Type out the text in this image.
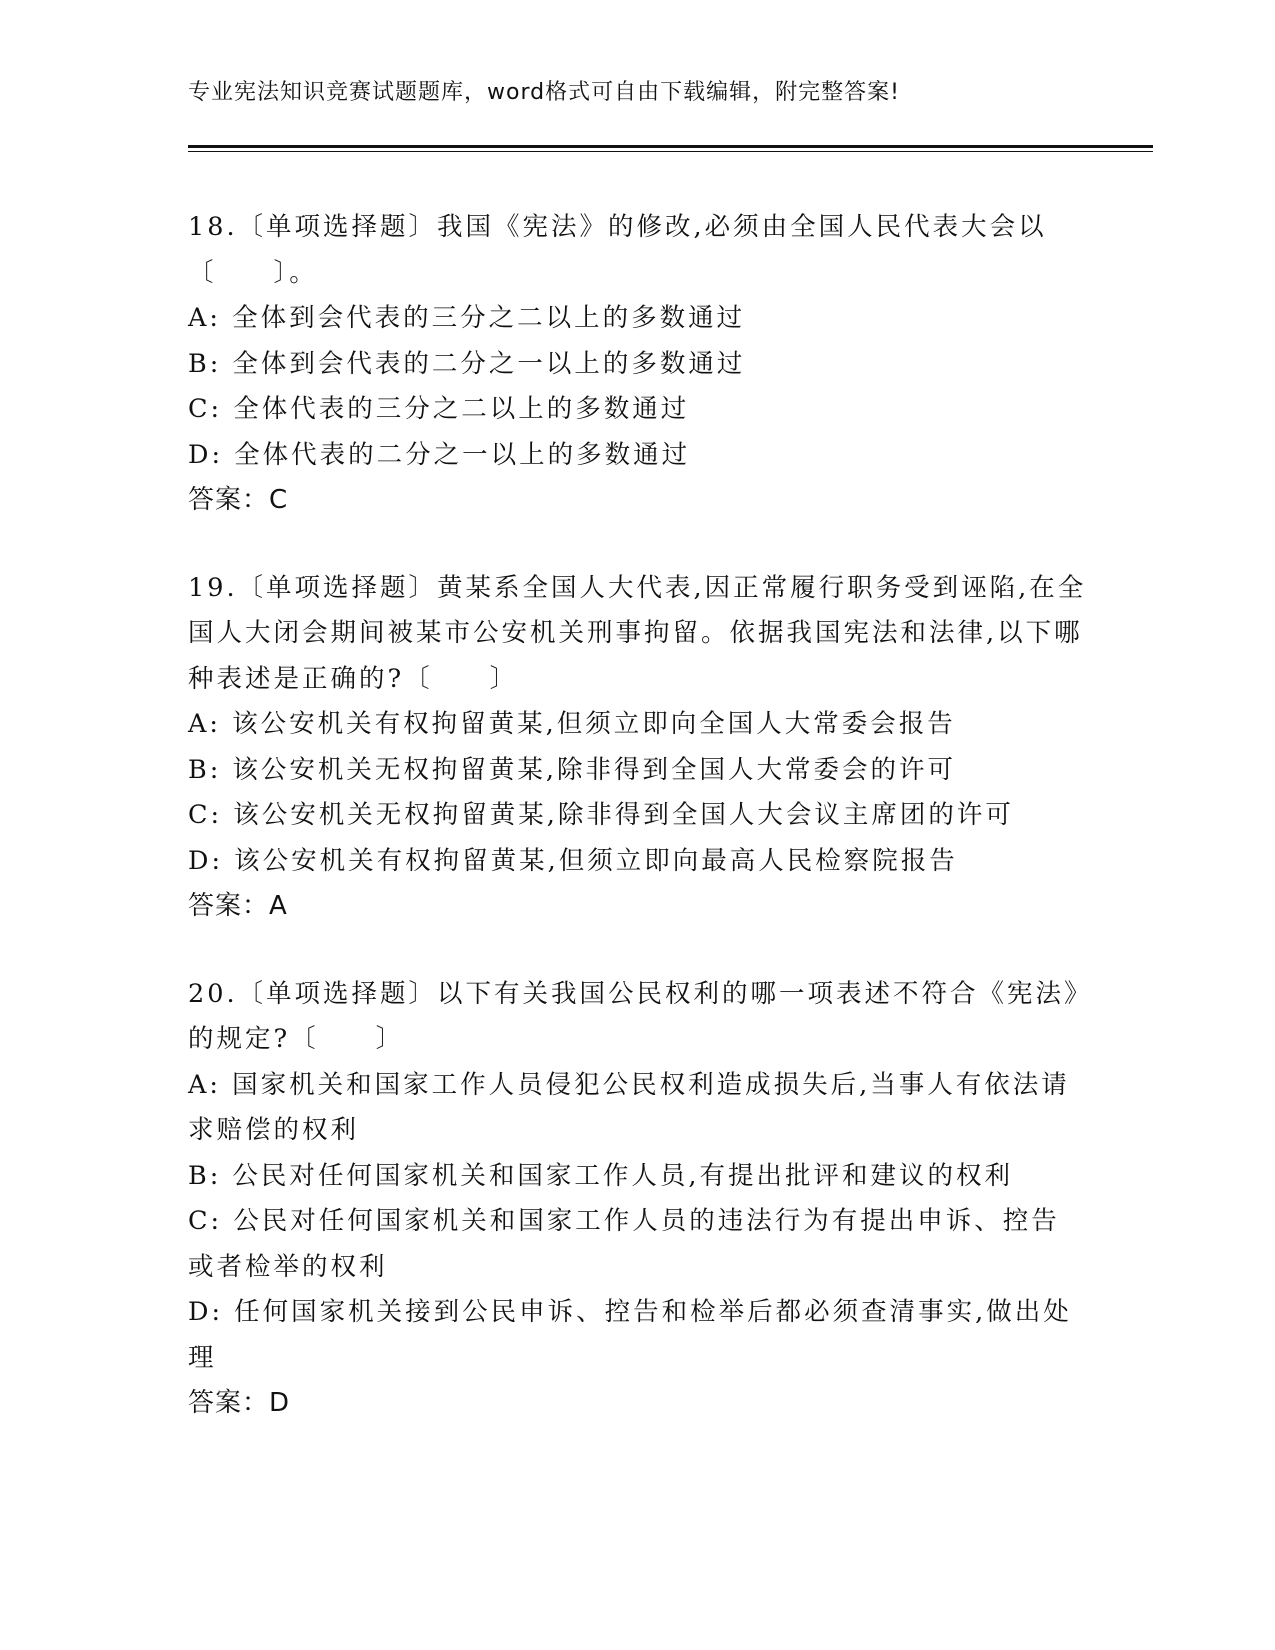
专业宪法知识竞赛试题题库，word格式可自由下载编辑，附完整答案!

18.〔单项选择题〕我国《宪法》的修改,必须由全国人民代表大会以〔　　〕。

A: 全体到会代表的三分之二以上的多数通过

B: 全体到会代表的二分之一以上的多数通过

C: 全体代表的三分之二以上的多数通过

D: 全体代表的二分之一以上的多数通过

答案：C

19.〔单项选择题〕黄某系全国人大代表,因正常履行职务受到诬陷,在全国人大闭会期间被某市公安机关刑事拘留。依据我国宪法和法律,以下哪种表述是正确的?〔　　〕

A: 该公安机关有权拘留黄某,但须立即向全国人大常委会报告

B: 该公安机关无权拘留黄某,除非得到全国人大常委会的许可

C: 该公安机关无权拘留黄某,除非得到全国人大会议主席团的许可

D: 该公安机关有权拘留黄某,但须立即向最高人民检察院报告

答案：A

20.〔单项选择题〕以下有关我国公民权利的哪一项表述不符合《宪法》的规定?〔　　〕

A: 国家机关和国家工作人员侵犯公民权利造成损失后,当事人有依法请求赔偿的权利

B: 公民对任何国家机关和国家工作人员,有提出批评和建议的权利

C: 公民对任何国家机关和国家工作人员的违法行为有提出申诉、控告或者检举的权利

D: 任何国家机关接到公民申诉、控告和检举后都必须查清事实,做出处理

答案：D
